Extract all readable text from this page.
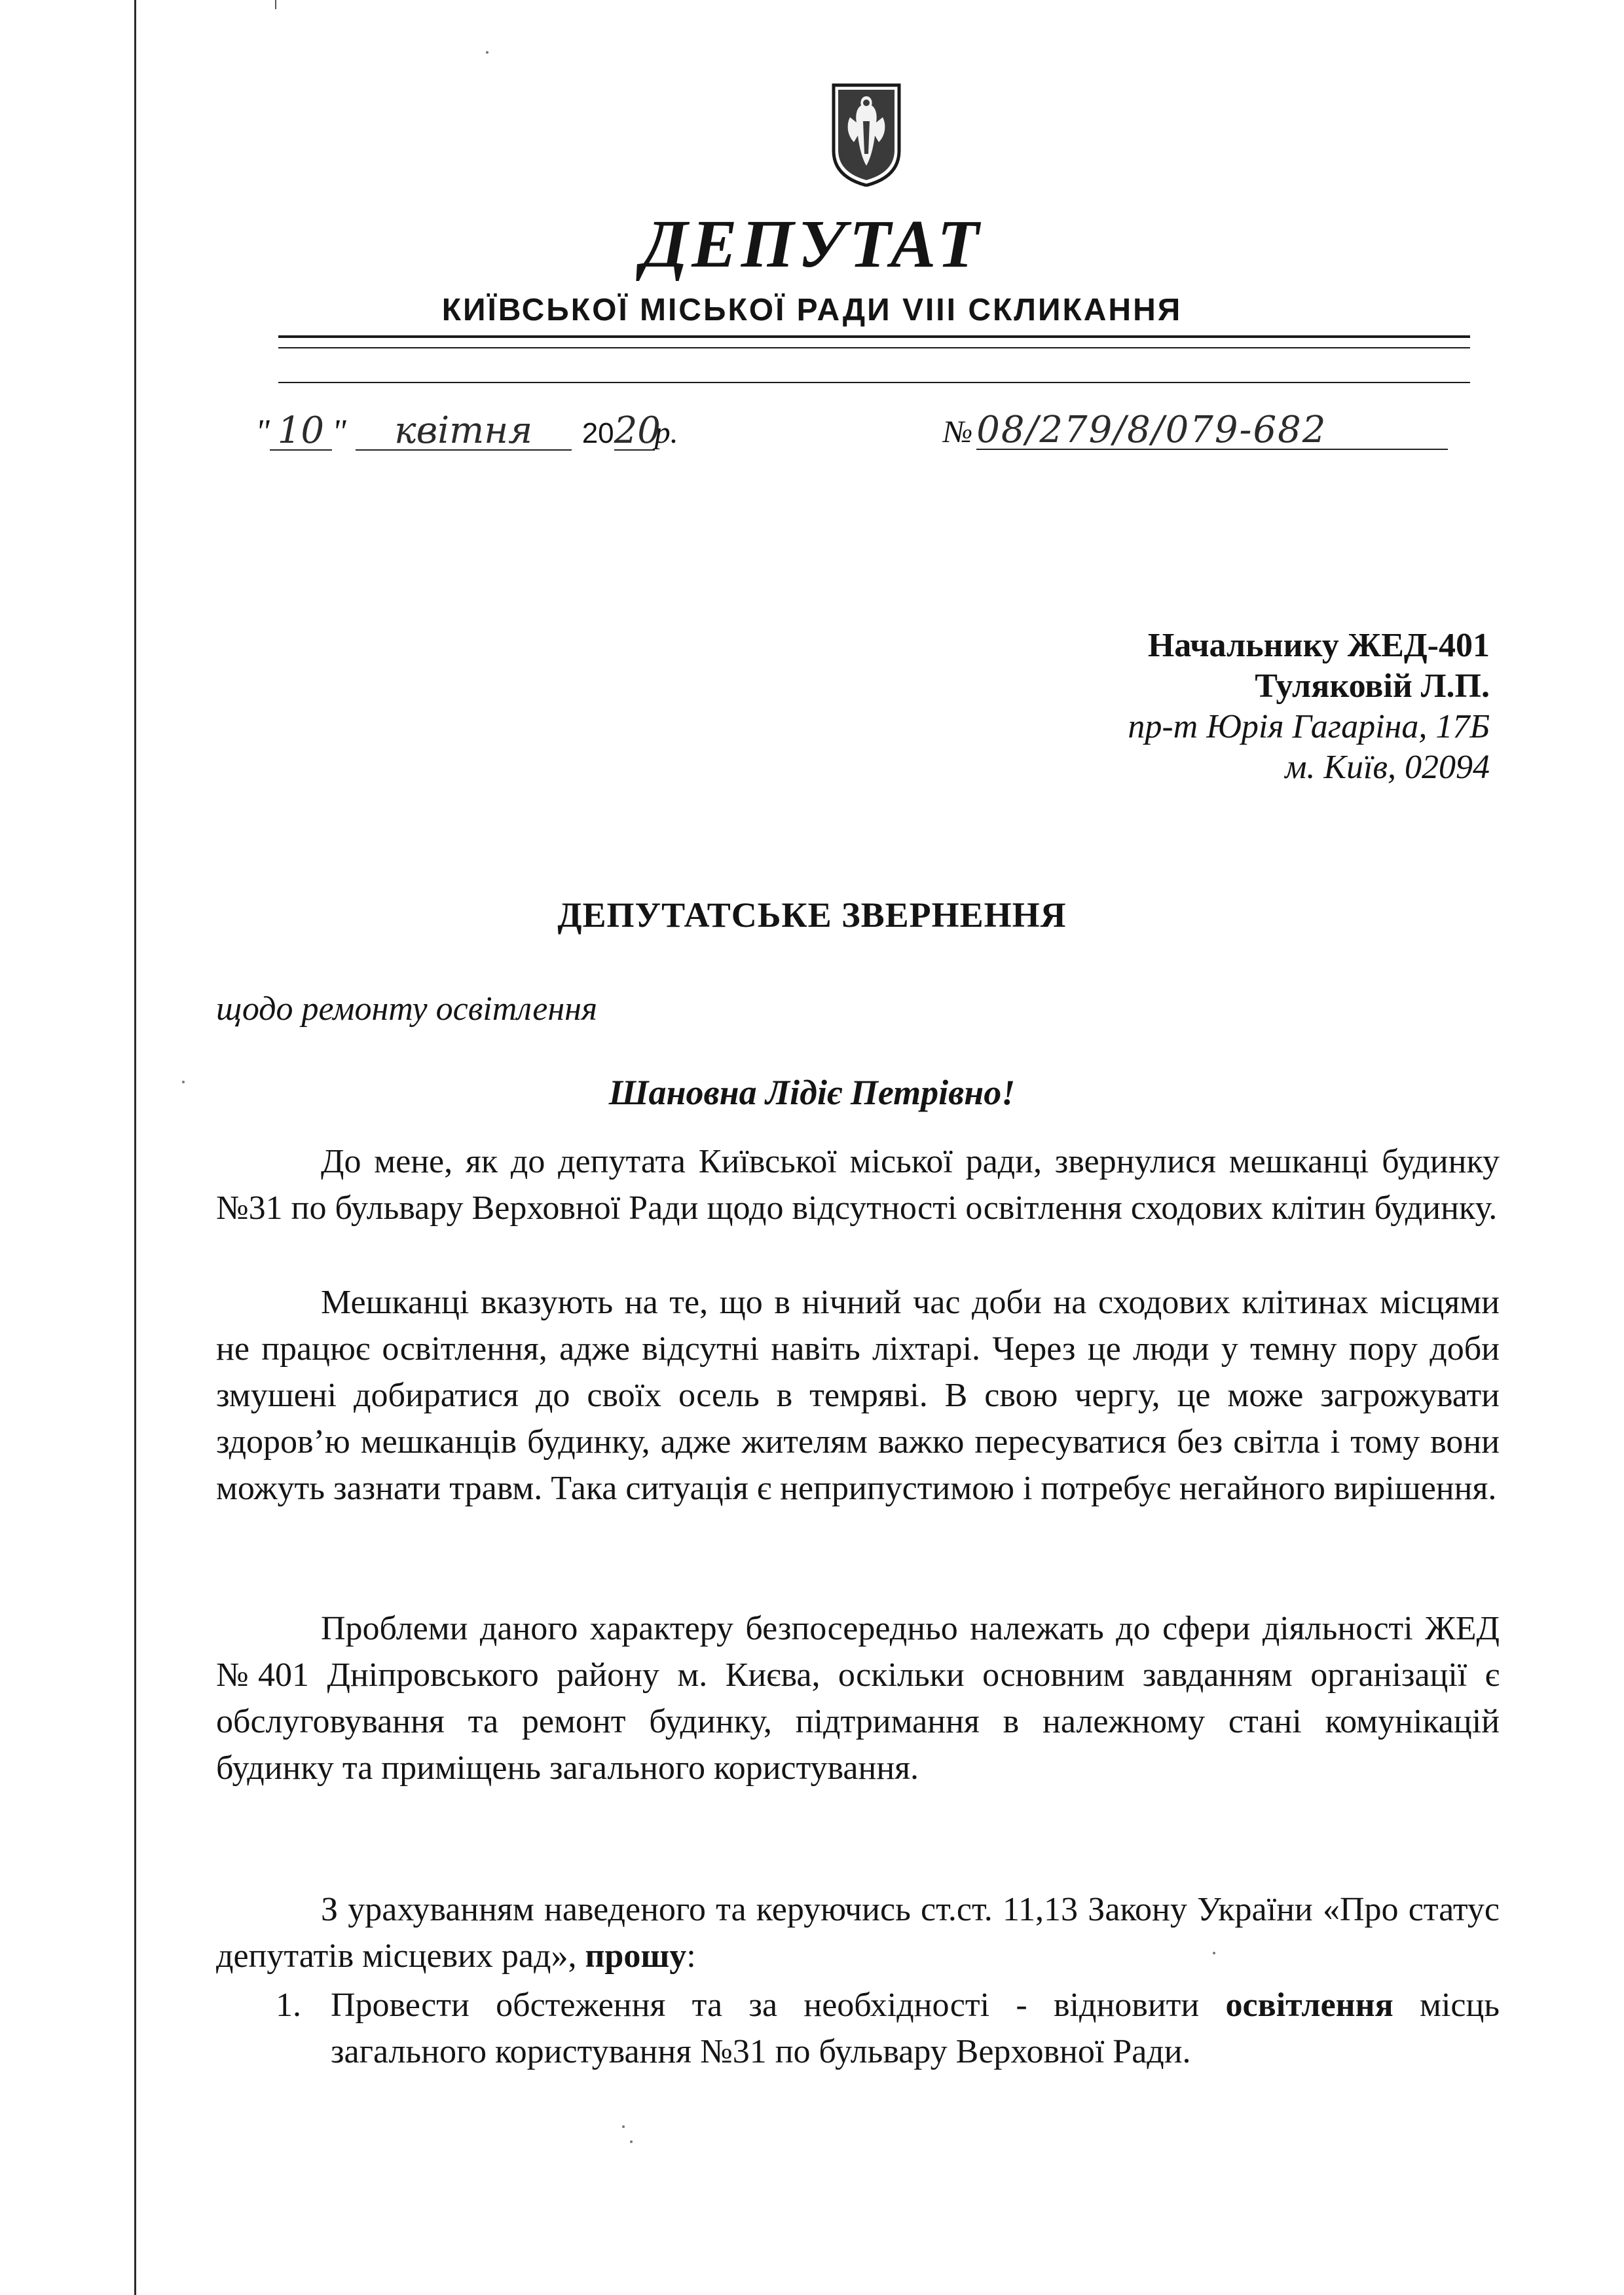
ДЕПУТАТ
КИЇВСЬКОЇ МІСЬКОЇ РАДИ VIII СКЛИКАННЯ
" 10 " квітня 2020р.	№ 08/279/8/079-682
Начальнику ЖЕД-401
Туляковій Л.П.
пр-т Юрія Гагаріна, 17Б
м. Київ, 02094
ДЕПУТАТСЬКЕ ЗВЕРНЕННЯ
щодо ремонту освітлення
Шановна Лідіє Петрівно!

До мене, як до депутата Київської міської ради, звернулися мешканці будинку №31 по бульвару Верховної Ради щодо відсутності освітлення сходових клітин будинку.

Мешканці вказують на те, що в нічний час доби на сходових клітинах місцями не працює освітлення, адже відсутні навіть ліхтарі. Через це люди у темну пору доби змушені добиратися до своїх осель в темряві. В свою чергу, це може загрожувати здоров’ю мешканців будинку, адже жителям важко пересуватися без світла і тому вони можуть зазнати травм. Така ситуація є неприпустимою і потребує негайного вирішення.

Проблеми даного характеру безпосередньо належать до сфери діяльності ЖЕД №401 Дніпровського району м. Києва, оскільки основним завданням організації є обслуговування та ремонт будинку, підтримання в належному стані комунікацій будинку та приміщень загального користування.

З урахуванням наведеного та керуючись ст.ст. 11,13 Закону України «Про статус депутатів місцевих рад», прошу:

1. Провести обстеження та за необхідності - відновити освітлення місць загального користування №31 по бульвару Верховної Ради.
